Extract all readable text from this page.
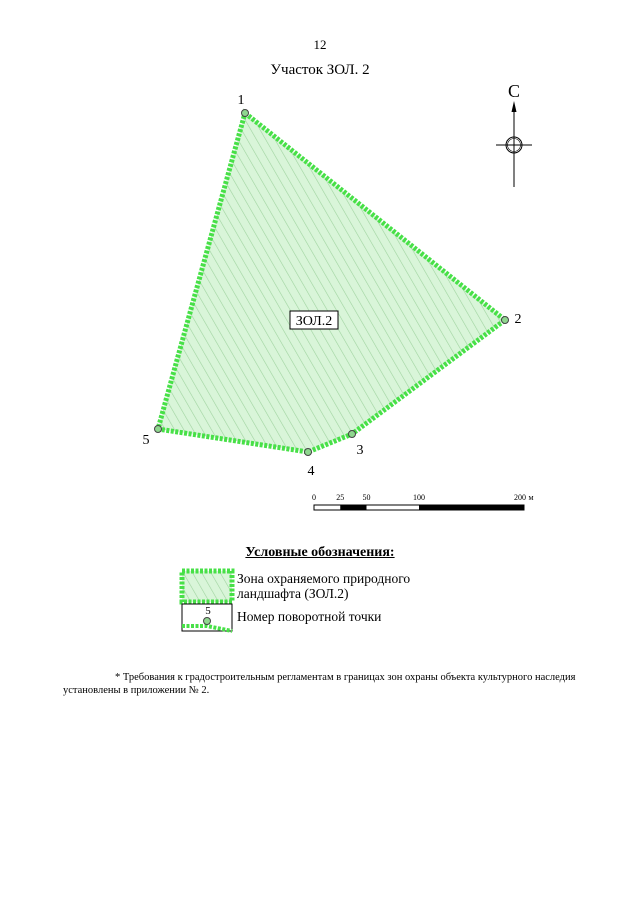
12
Участок ЗОЛ. 2
ЗОЛ.2
1
2
3
4
5
С
0	25 50	100	200 м
5
Условные обозначения:
Зона охраняемого природного ландшафта (ЗОЛ.2)
Номер поворотной точки
* Требования к градостроительным регламентам в границах зон охраны объекта культурного наследия установлены в приложении № 2.
